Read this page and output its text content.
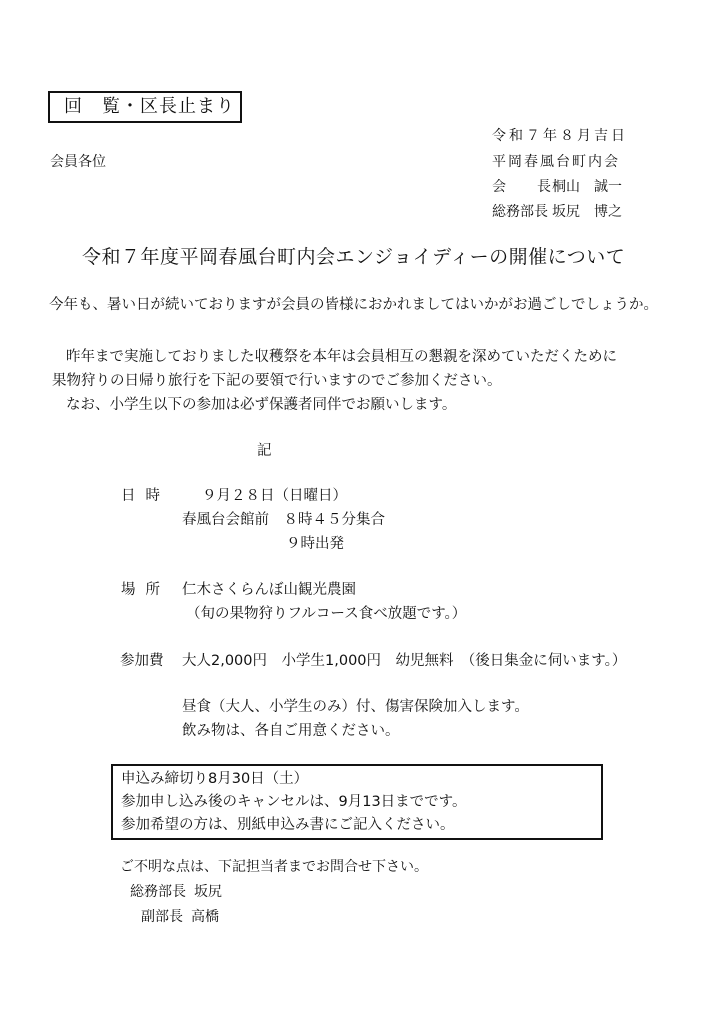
回　覧・区長止まり
令和７年８月吉日
会員各位	平岡春風台町内会
会　　長桐山　誠一
総務部長 坂尻　博之
令和７年度平岡春風台町内会エンジョイディーの開催について
今年も、暑い日が続いておりますが会員の皆様におかれましてはいかがお過ごしでしょうか。
昨年まで実施しておりました収穫祭を本年は会員相互の懇親を深めていただくために
果物狩りの日帰り旅行を下記の要領で行いますのでご参加ください。
なお、小学生以下の参加は必ず保護者同伴でお願いします。
記
日時 ９月２８日（日曜日）
春風台会館前　８時４５分集合
９時出発
場所 仁木さくらんぼ山観光農園
（旬の果物狩りフルコース食べ放題です。）
参加費 大人2,000円　小学生1,000円　幼児無料　（後日集金に伺います。）
昼食（大人、小学生のみ）付、傷害保険加入します。
飲み物は、各自ご用意ください。
申込み締切り8月30日（土）
参加申し込み後のキャンセルは、9月13日までです。
参加希望の方は、別紙申込み書にご記入ください。
ご不明な点は、下記担当者までお問合せ下さい。
総務部長 坂尻
副部長 高橋
